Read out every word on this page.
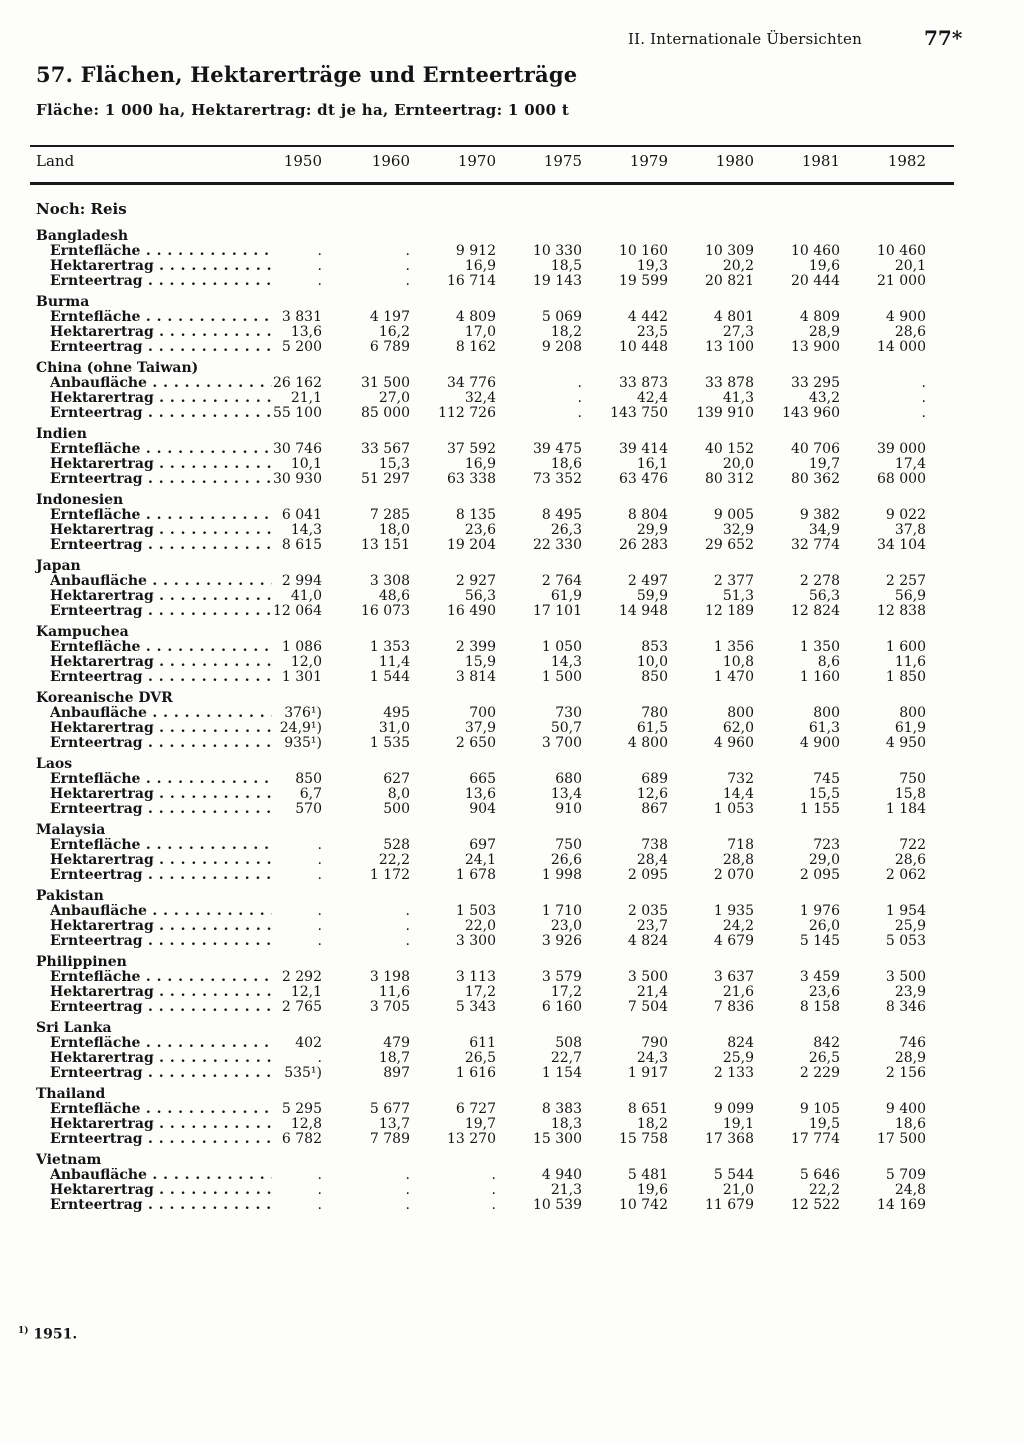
II. Internationale Übersichten	77*
57. Flächen, Hektarerträge und Ernteerträge
Fläche: 1 000 ha, Hektarertrag: dt je ha, Ernteertrag: 1 000 t
Land	1950	1960	1970	1975	1979	1980	1981	1982
Noch: Reis
Bangladesh
Erntefläche . . .	.	.	9 912	10 330	10 160	10 309	10 460	10 460
Hektarertrag . . .	.	.	16,9	18,5	19,3	20,2	19,6	20,1
Ernteertrag . . .	.	.	16 714	19 143	19 599	20 821	20 444	21 000
Burma
Erntefläche . . .	3 831	4 197	4 809	5 069	4 442	4 801	4 809	4 900
Hektarertrag . . .	13,6	16,2	17,0	18,2	23,5	27,3	28,9	28,6
Ernteertrag . . .	5 200	6 789	8 162	9 208	10 448	13 100	13 900	14 000
China (ohne Taiwan)
Anbaufläche . . .	26 162	31 500	34 776	.	33 873	33 878	33 295	.
Hektarertrag . . .	21,1	27,0	32,4	.	42,4	41,3	43,2	.
Ernteertrag . . .	55 100	85 000	112 726	.	143 750	139 910	143 960	.
Indien
Erntefläche . . .	30 746	33 567	37 592	39 475	39 414	40 152	40 706	39 000
Hektarertrag . . .	10,1	15,3	16,9	18,6	16,1	20,0	19,7	17,4
Ernteertrag . . .	30 930	51 297	63 338	73 352	63 476	80 312	80 362	68 000
Indonesien
Erntefläche . . .	6 041	7 285	8 135	8 495	8 804	9 005	9 382	9 022
Hektarertrag . . .	14,3	18,0	23,6	26,3	29,9	32,9	34,9	37,8
Ernteertrag . . .	8 615	13 151	19 204	22 330	26 283	29 652	32 774	34 104
Japan
Anbaufläche . . .	2 994	3 308	2 927	2 764	2 497	2 377	2 278	2 257
Hektarertrag . . .	41,0	48,6	56,3	61,9	59,9	51,3	56,3	56,9
Ernteertrag . . .	12 064	16 073	16 490	17 101	14 948	12 189	12 824	12 838
Kampuchea
Erntefläche . . .	1 086	1 353	2 399	1 050	853	1 356	1 350	1 600
Hektarertrag . . .	12,0	11,4	15,9	14,3	10,0	10,8	8,6	11,6
Ernteertrag . . .	1 301	1 544	3 814	1 500	850	1 470	1 160	1 850
Koreanische DVR
Anbaufläche . . .	376¹)	495	700	730	780	800	800	800
Hektarertrag . . .	24,9¹)	31,0	37,9	50,7	61,5	62,0	61,3	61,9
Ernteertrag . . .	935¹)	1 535	2 650	3 700	4 800	4 960	4 900	4 950
Laos
Erntefläche . . .	850	627	665	680	689	732	745	750
Hektarertrag . . .	6,7	8,0	13,6	13,4	12,6	14,4	15,5	15,8
Ernteertrag . . .	570	500	904	910	867	1 053	1 155	1 184
Malaysia
Erntefläche . . .	.	528	697	750	738	718	723	722
Hektarertrag . . .	.	22,2	24,1	26,6	28,4	28,8	29,0	28,6
Ernteertrag . . .	.	1 172	1 678	1 998	2 095	2 070	2 095	2 062
Pakistan
Anbaufläche . . .	.	.	1 503	1 710	2 035	1 935	1 976	1 954
Hektarertrag . . .	.	.	22,0	23,0	23,7	24,2	26,0	25,9
Ernteertrag . . .	.	.	3 300	3 926	4 824	4 679	5 145	5 053
Philippinen
Erntefläche . . .	2 292	3 198	3 113	3 579	3 500	3 637	3 459	3 500
Hektarertrag . . .	12,1	11,6	17,2	17,2	21,4	21,6	23,6	23,9
Ernteertrag . . .	2 765	3 705	5 343	6 160	7 504	7 836	8 158	8 346
Sri Lanka
Erntefläche . . .	402	479	611	508	790	824	842	746
Hektarertrag . . .	.	18,7	26,5	22,7	24,3	25,9	26,5	28,9
Ernteertrag . . .	535¹)	897	1 616	1 154	1 917	2 133	2 229	2 156
Thailand
Erntefläche . . .	5 295	5 677	6 727	8 383	8 651	9 099	9 105	9 400
Hektarertrag . . .	12,8	13,7	19,7	18,3	18,2	19,1	19,5	18,6
Ernteertrag . . .	6 782	7 789	13 270	15 300	15 758	17 368	17 774	17 500
Vietnam
Anbaufläche . . .	.	.	.	4 940	5 481	5 544	5 646	5 709
Hektarertrag . . .	.	.	.	21,3	19,6	21,0	22,2	24,8
Ernteertrag . . .	.	.	.	10 539	10 742	11 679	12 522	14 169
$^{1)}$ 1951.
